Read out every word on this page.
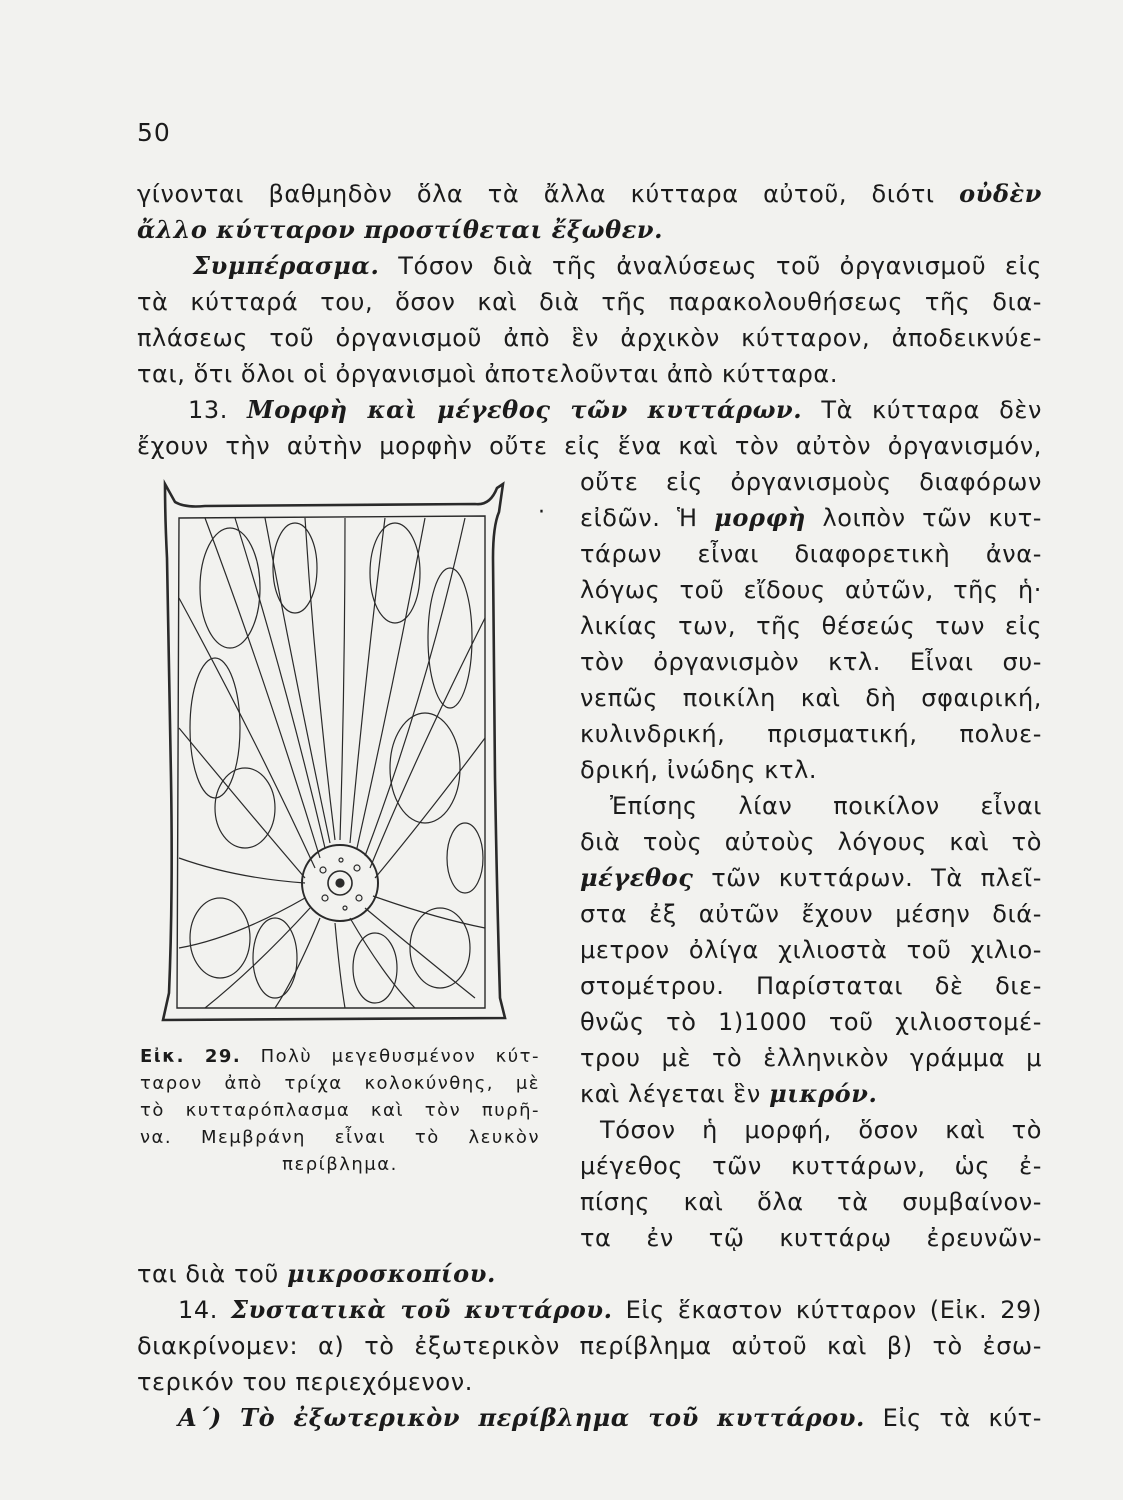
50
γίνονται βαθμηδὸν ὅλα τὰ ἄλλα κύτταρα αὐτοῦ, διότι οὐδὲν
ἄλλο κύτταρον προστίθεται ἔξωθεν.
Συμπέρασμα. Τόσον διὰ τῆς ἀναλύσεως τοῦ ὀργανισμοῦ εἰς
τὰ κύτταρά του, ὅσον καὶ διὰ τῆς παρακολουθήσεως τῆς δια-
πλάσεως τοῦ ὀργανισμοῦ ἀπὸ ἓν ἀρχικὸν κύτταρον, ἀποδεικνύε-
ται, ὅτι ὅλοι οἱ ὀργανισμοὶ ἀποτελοῦνται ἀπὸ κύτταρα.
13. Μορφὴ καὶ μέγεθος τῶν κυττάρων. Τὰ κύτταρα δὲν
ἔχουν τὴν αὐτὴν μορφὴν οὔτε εἰς ἕνα καὶ τὸν αὐτὸν ὀργανισμόν,
οὔτε εἰς ὀργανισμοὺς διαφόρων
εἰδῶν. Ἡ μορφὴ λοιπὸν τῶν κυτ-
τάρων εἶναι διαφορετικὴ ἀνα-
λόγως τοῦ εἴδους αὐτῶν, τῆς ἡ·
λικίας των, τῆς θέσεώς των εἰς
τὸν ὀργανισμὸν κτλ. Εἶναι συ-
νεπῶς ποικίλη καὶ δὴ σφαιρική,
κυλινδρική, πρισματική, πολυε-
δρική, ἰνώδης κτλ.
Ἐπίσης λίαν ποικίλον εἶναι
διὰ τοὺς αὐτοὺς λόγους καὶ τὸ
μέγεθος τῶν κυττάρων. Τὰ πλεῖ-
στα ἐξ αὐτῶν ἔχουν μέσην διά-
μετρον ὀλίγα χιλιοστὰ τοῦ χιλιο-
στομέτρου. Παρίσταται δὲ διε-
θνῶς τὸ 1)1000 τοῦ χιλιοστομέ-
τρου μὲ τὸ ἑλληνικὸν γράμμα μ
καὶ λέγεται ἓν μικρόν.
Τόσον ἡ μορφή, ὅσον καὶ τὸ
μέγεθος τῶν κυττάρων, ὡς ἐ-
πίσης καὶ ὅλα τὰ συμβαίνον-
τα ἐν τῷ κυττάρῳ ἐρευνῶν-
ται διὰ τοῦ μικροσκοπίου.
·
Εἰκ. 29. Πολὺ μεγεθυσμένον κύτ-
ταρον ἀπὸ τρίχα κολοκύνθης, μὲ
τὸ κυτταρόπλασμα καὶ τὸν πυρῆ-
να. Μεμβράνη εἶναι τὸ λευκὸν
περίβλημα.
14. Συστατικὰ τοῦ κυττάρου. Εἰς ἕκαστον κύτταρον (Εἰκ. 29)
διακρίνομεν: α) τὸ ἐξωτερικὸν περίβλημα αὐτοῦ καὶ β) τὸ ἐσω-
τερικόν του περιεχόμενον.
Α΄) Τὸ ἐξωτερικὸν περίβλημα τοῦ κυττάρου. Εἰς τὰ κύτ-
